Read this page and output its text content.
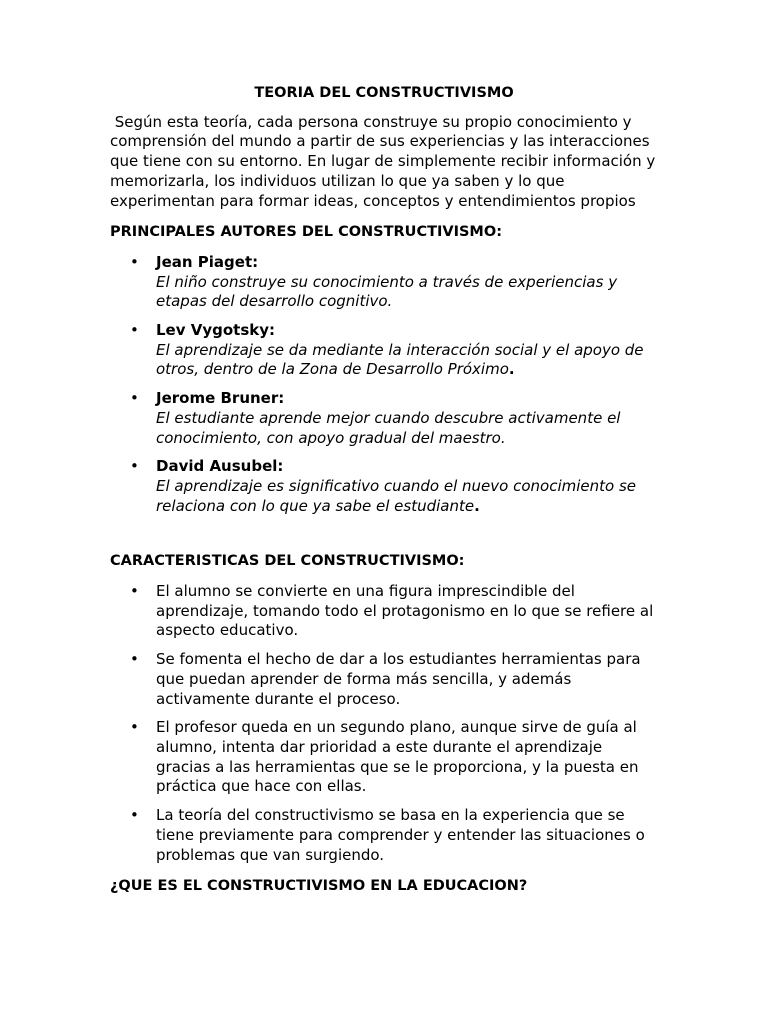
TEORIA DEL CONSTRUCTIVISMO
Según esta teoría, cada persona construye su propio conocimiento y comprensión del mundo a partir de sus experiencias y las interacciones que tiene con su entorno. En lugar de simplemente recibir información y memorizarla, los individuos utilizan lo que ya saben y lo que experimentan para formar ideas, conceptos y entendimientos propios
PRINCIPALES AUTORES DEL CONSTRUCTIVISMO:
• Jean Piaget:
El niño construye su conocimiento a través de experiencias y etapas del desarrollo cognitivo.
• Lev Vygotsky:
El aprendizaje se da mediante la interacción social y el apoyo de otros, dentro de la Zona de Desarrollo Próximo.
• Jerome Bruner:
El estudiante aprende mejor cuando descubre activamente el conocimiento, con apoyo gradual del maestro.
• David Ausubel:
El aprendizaje es significativo cuando el nuevo conocimiento se relaciona con lo que ya sabe el estudiante.
CARACTERISTICAS DEL CONSTRUCTIVISMO:
• El alumno se convierte en una figura imprescindible del aprendizaje, tomando todo el protagonismo en lo que se refiere al aspecto educativo.
• Se fomenta el hecho de dar a los estudiantes herramientas para que puedan aprender de forma más sencilla, y además activamente durante el proceso.
• El profesor queda en un segundo plano, aunque sirve de guía al alumno, intenta dar prioridad a este durante el aprendizaje gracias a las herramientas que se le proporciona, y la puesta en práctica que hace con ellas.
• La teoría del constructivismo se basa en la experiencia que se tiene previamente para comprender y entender las situaciones o problemas que van surgiendo.
¿QUE ES EL CONSTRUCTIVISMO EN LA EDUCACION?
